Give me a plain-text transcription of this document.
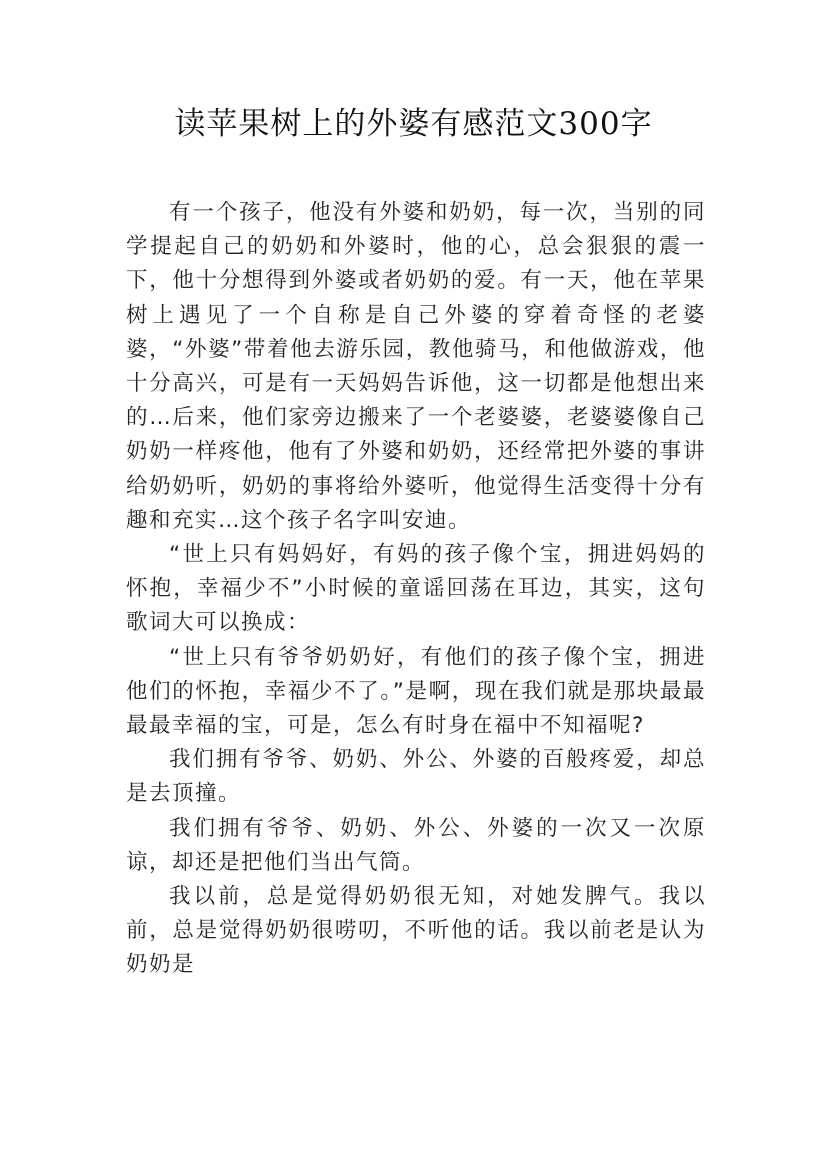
读苹果树上的外婆有感范文300字

有一个孩子，他没有外婆和奶奶，每一次，当别的同学提起自己的奶奶和外婆时，他的心，总会狠狠的震一下，他十分想得到外婆或者奶奶的爱。有一天，他在苹果树上遇见了一个自称是自己外婆的穿着奇怪的老婆婆，“外婆”带着他去游乐园，教他骑马，和他做游戏，他十分高兴，可是有一天妈妈告诉他，这一切都是他想出来的…后来，他们家旁边搬来了一个老婆婆，老婆婆像自己奶奶一样疼他，他有了外婆和奶奶，还经常把外婆的事讲给奶奶听，奶奶的事将给外婆听，他觉得生活变得十分有趣和充实…这个孩子名字叫安迪。

“世上只有妈妈好，有妈的孩子像个宝，拥进妈妈的怀抱，幸福少不”小时候的童谣回荡在耳边，其实，这句歌词大可以换成：

“世上只有爷爷奶奶好，有他们的孩子像个宝，拥进他们的怀抱，幸福少不了。”是啊，现在我们就是那块最最最最幸福的宝，可是，怎么有时身在福中不知福呢?

我们拥有爷爷、奶奶、外公、外婆的百般疼爱，却总是去顶撞。

我们拥有爷爷、奶奶、外公、外婆的一次又一次原谅，却还是把他们当出气筒。

我以前，总是觉得奶奶很无知，对她发脾气。我以前，总是觉得奶奶很唠叨，不听他的话。我以前老是认为奶奶是
